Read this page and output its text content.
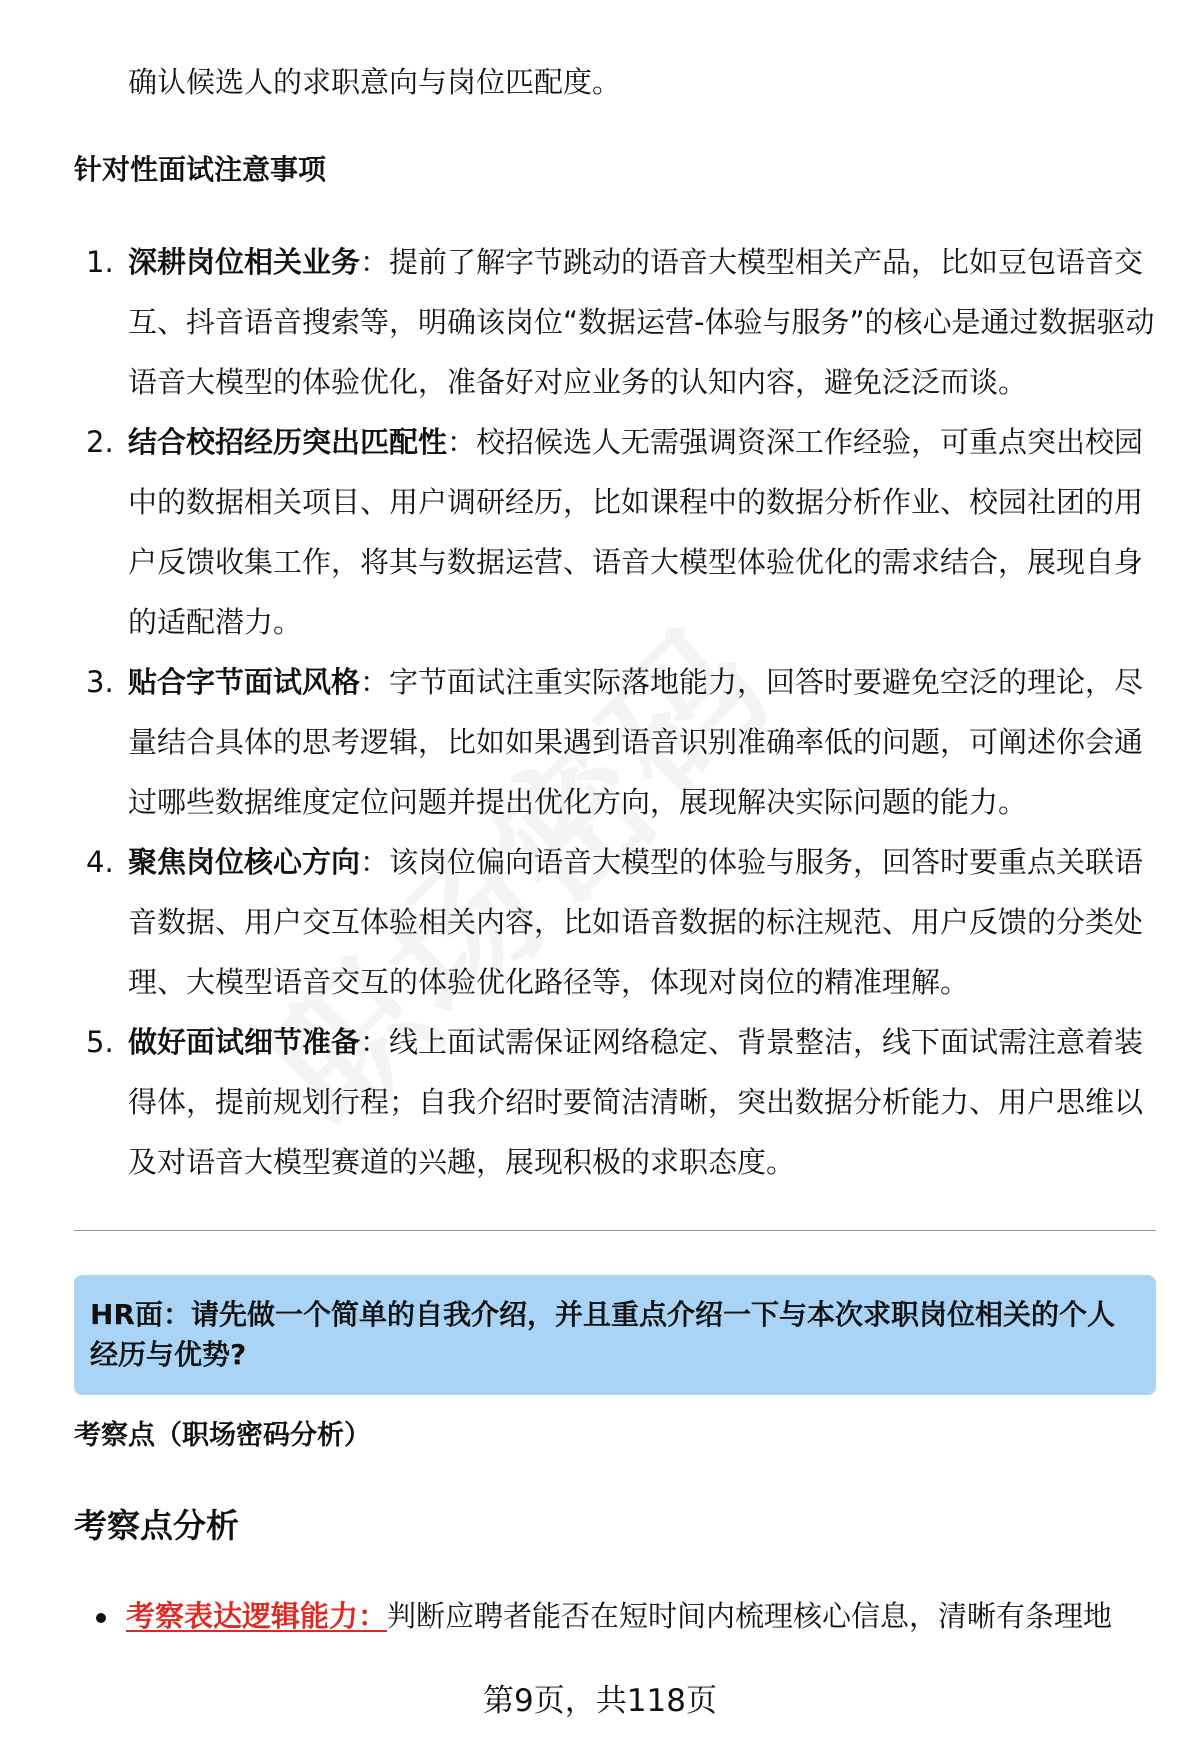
确认候选人的求职意向与岗位匹配度。

针对性面试注意事项
1. 深耕岗位相关业务：提前了解字节跳动的语音大模型相关产品，比如豆包语音交互、抖音语音搜索等，明确该岗位“数据运营-体验与服务”的核心是通过数据驱动语音大模型的体验优化，准备好对应业务的认知内容，避免泛泛而谈。
2. 结合校招经历突出匹配性：校招候选人无需强调资深工作经验，可重点突出校园中的数据相关项目、用户调研经历，比如课程中的数据分析作业、校园社团的用户反馈收集工作，将其与数据运营、语音大模型体验优化的需求结合，展现自身的适配潜力。
3. 贴合字节面试风格：字节面试注重实际落地能力，回答时要避免空泛的理论，尽量结合具体的思考逻辑，比如如果遇到语音识别准确率低的问题，可阐述你会通过哪些数据维度定位问题并提出优化方向，展现解决实际问题的能力。
4. 聚焦岗位核心方向：该岗位偏向语音大模型的体验与服务，回答时要重点关联语音数据、用户交互体验相关内容，比如语音数据的标注规范、用户反馈的分类处理、大模型语音交互的体验优化路径等，体现对岗位的精准理解。
5. 做好面试细节准备：线上面试需保证网络稳定、背景整洁，线下面试需注意着装得体，提前规划行程；自我介绍时要简洁清晰，突出数据分析能力、用户思维以及对语音大模型赛道的兴趣，展现积极的求职态度。

HR面：请先做一个简单的自我介绍，并且重点介绍一下与本次求职岗位相关的个人经历与优势?

考察点（职场密码分析）
考察点分析

考察表达逻辑能力：判断应聘者能否在短时间内梳理核心信息，清晰有条理地

第9页，共118页
